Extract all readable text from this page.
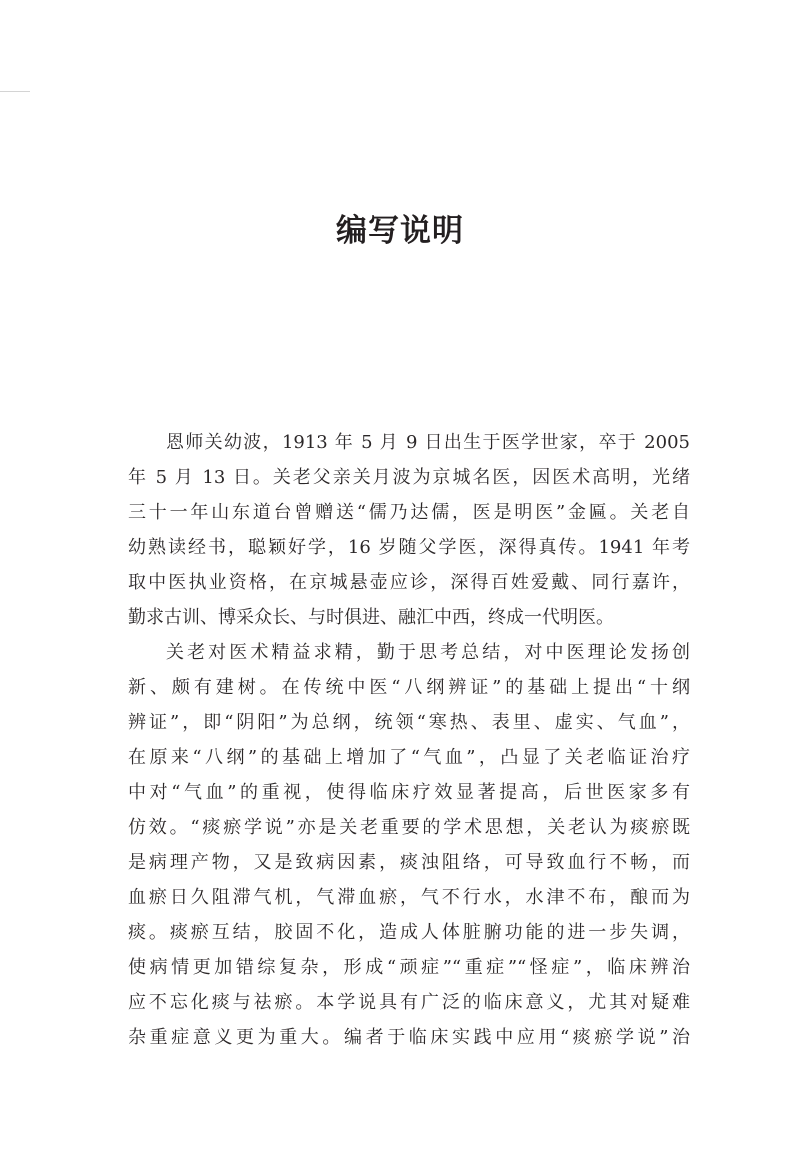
编写说明
恩师关幼波，1913 年 5 月 9 日出生于医学世家，卒于 2005
年 5 月 13 日。关老父亲关月波为京城名医，因医术高明，光绪
三十一年山东道台曾赠送“儒乃达儒，医是明医”金匾。关老自
幼熟读经书，聪颖好学，16 岁随父学医，深得真传。1941 年考
取中医执业资格，在京城悬壶应诊，深得百姓爱戴、同行嘉许，
勤求古训、博采众长、与时俱进、融汇中西，终成一代明医。
关老对医术精益求精，勤于思考总结，对中医理论发扬创
新、颇有建树。在传统中医“八纲辨证”的基础上提出“十纲
辨证”，即“阴阳”为总纲，统领“寒热、表里、虚实、气血”，
在原来“八纲”的基础上增加了“气血”，凸显了关老临证治疗
中对“气血”的重视，使得临床疗效显著提高，后世医家多有
仿效。“痰瘀学说”亦是关老重要的学术思想，关老认为痰瘀既
是病理产物，又是致病因素，痰浊阻络，可导致血行不畅，而
血瘀日久阻滞气机，气滞血瘀，气不行水，水津不布，酿而为
痰。痰瘀互结，胶固不化，造成人体脏腑功能的进一步失调，
使病情更加错综复杂，形成“顽症”“重症”“怪症”，临床辨治
应不忘化痰与祛瘀。本学说具有广泛的临床意义，尤其对疑难
杂重症意义更为重大。编者于临床实践中应用“痰瘀学说”治
